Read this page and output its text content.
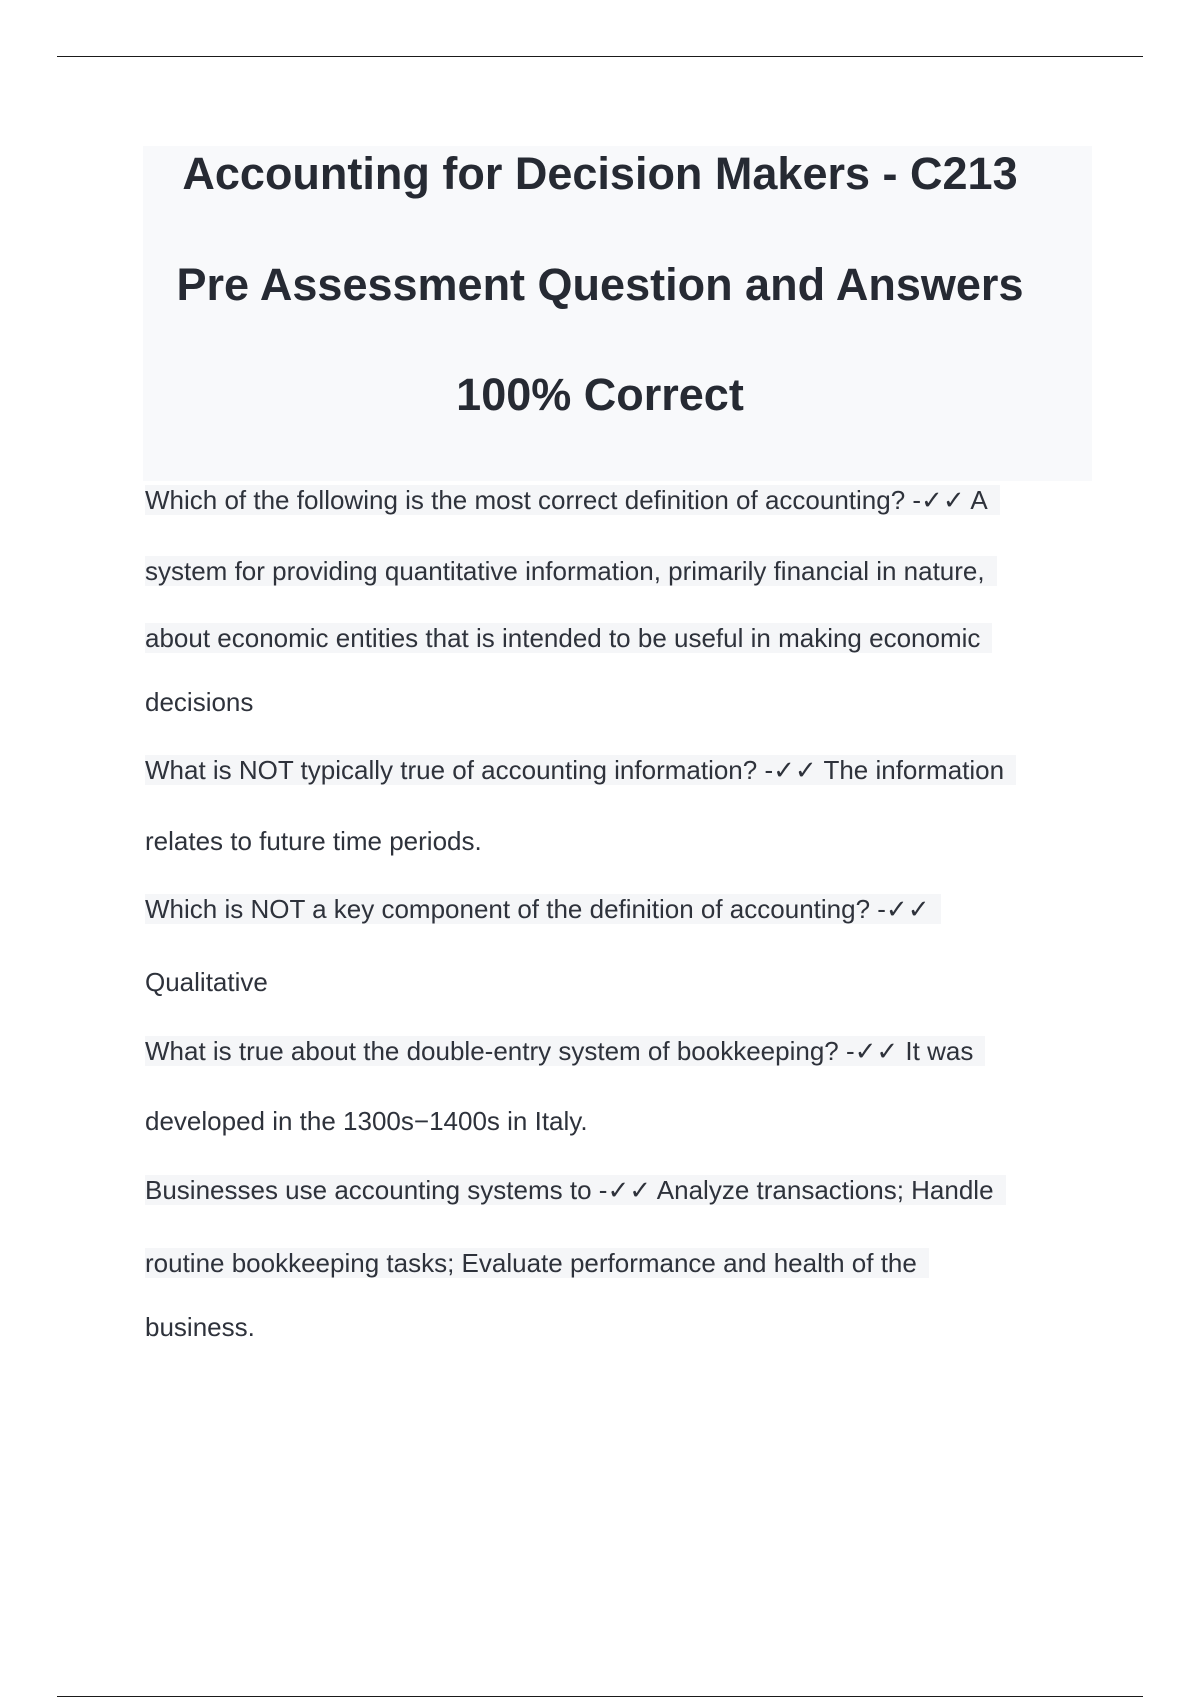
Accounting for Decision Makers - C213
Pre Assessment Question and Answers
100% Correct
Which of the following is the most correct definition of accounting? -✓✓ A
system for providing quantitative information, primarily financial in nature,
about economic entities that is intended to be useful in making economic
decisions
What is NOT typically true of accounting information? -✓✓ The information
relates to future time periods.
Which is NOT a key component of the definition of accounting? -✓✓
Qualitative
What is true about the double-entry system of bookkeeping? -✓✓ It was
developed in the 1300s−1400s in Italy.
Businesses use accounting systems to -✓✓ Analyze transactions; Handle
routine bookkeeping tasks; Evaluate performance and health of the
business.
